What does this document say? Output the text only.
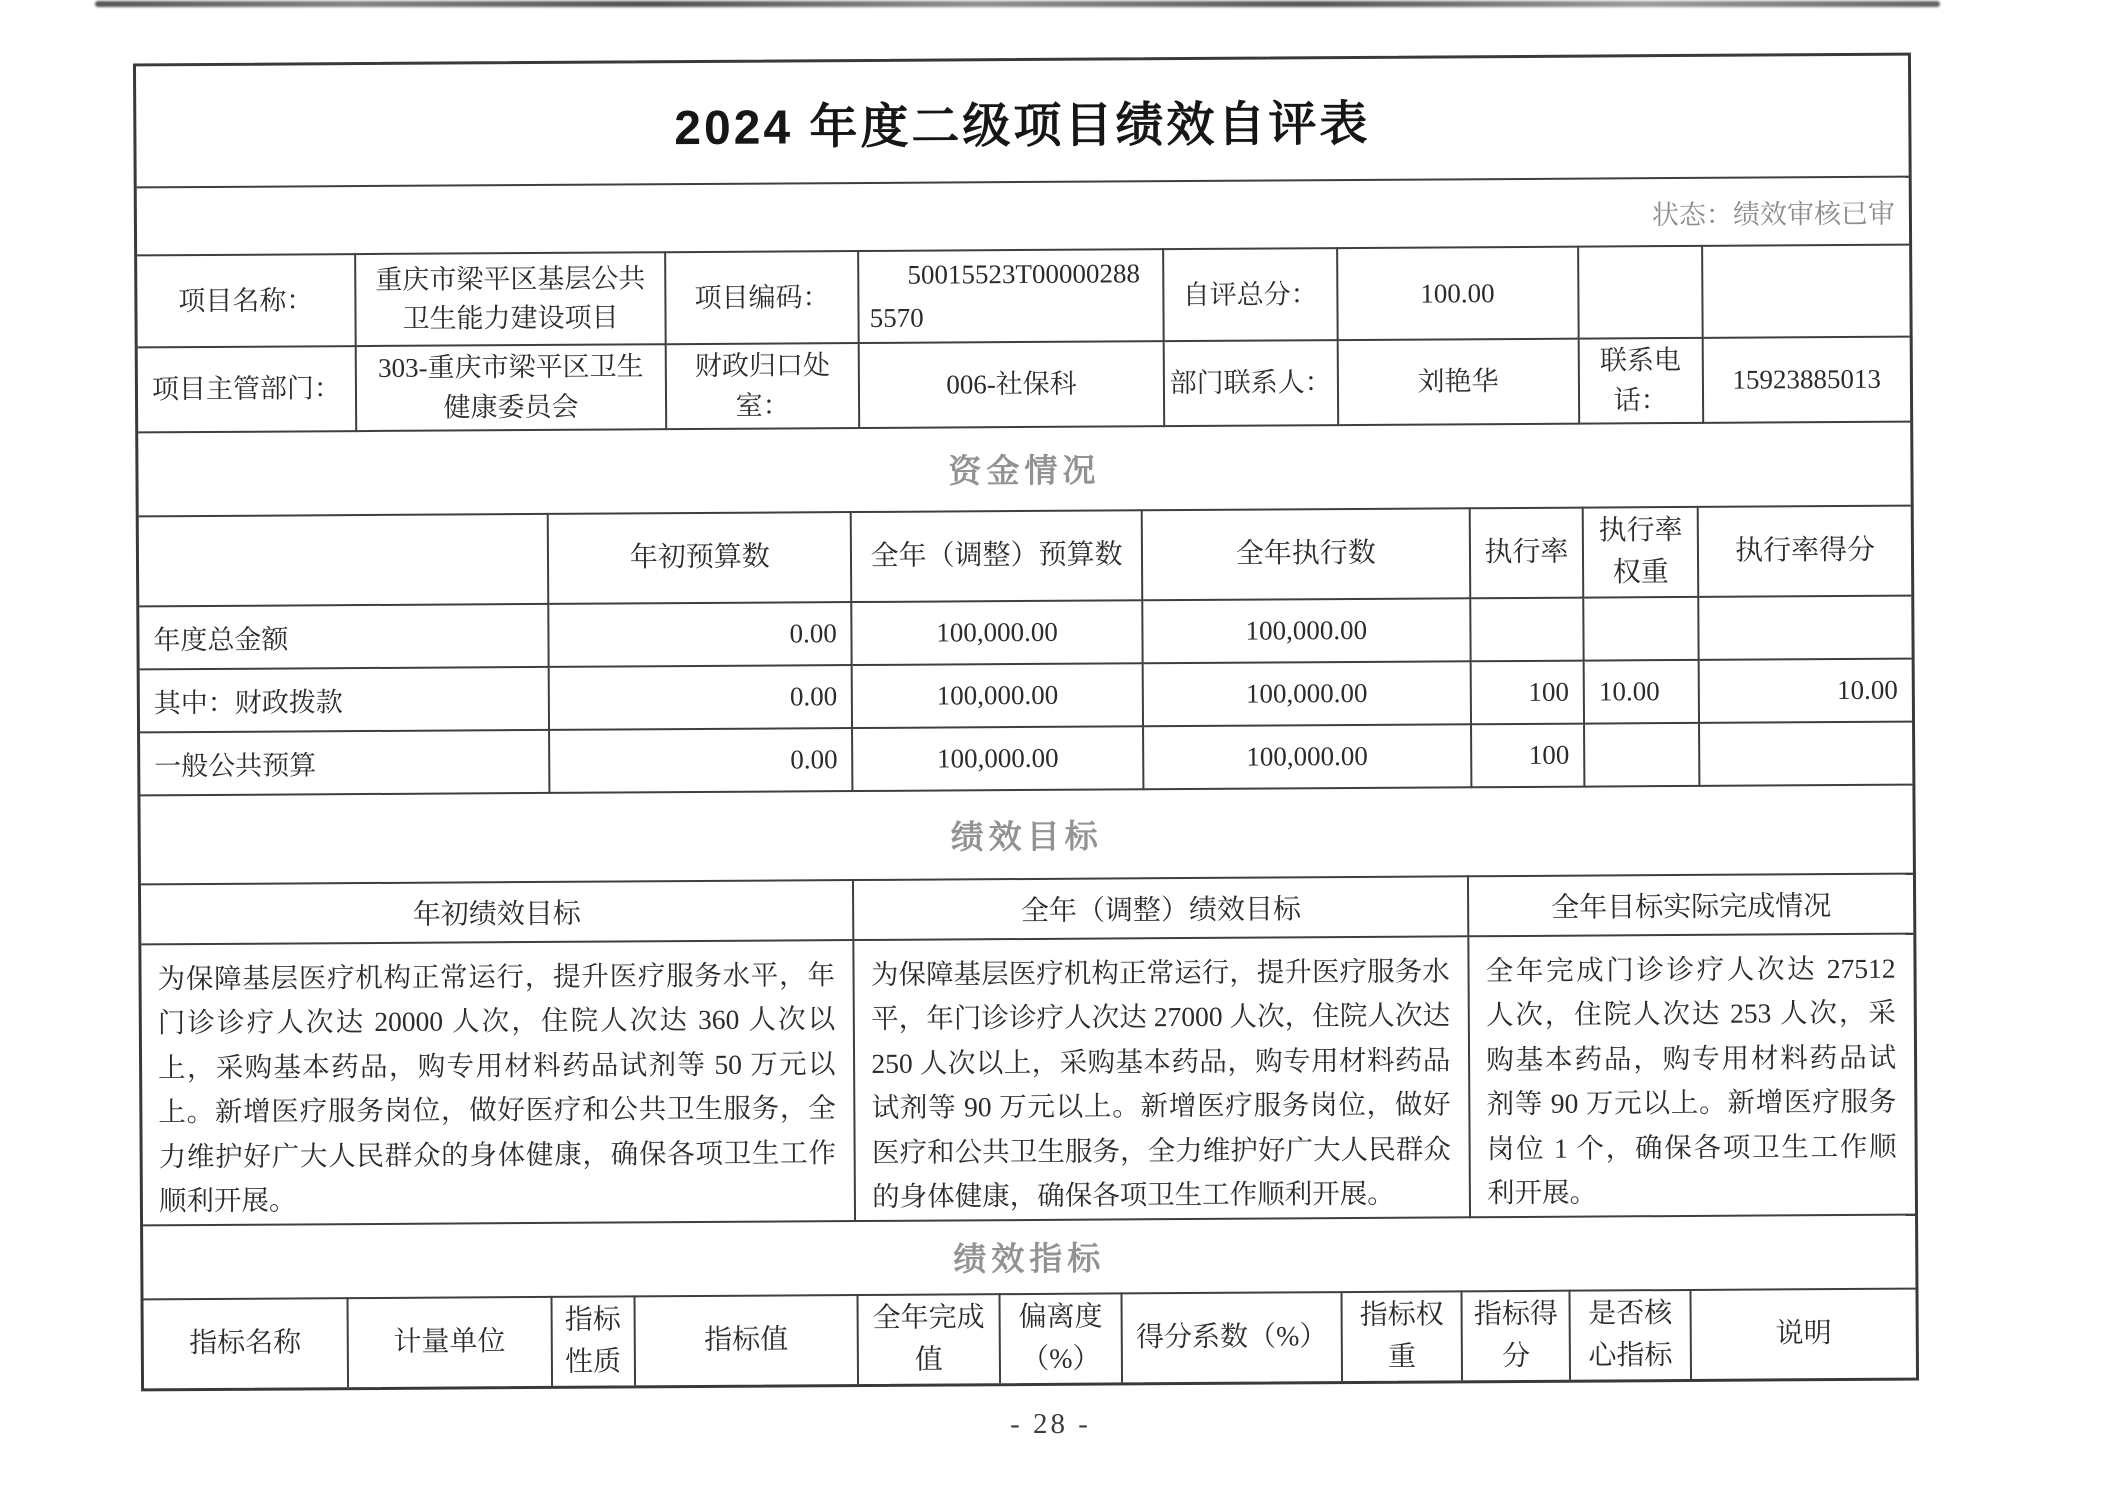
2024 年度二级项目绩效自评表
状态：绩效审核已审
项目名称：	重庆市梁平区基层公共卫生能力建设项目	项目编码：	50015523T000002885570	自评总分：	100.00		
项目主管部门：	303-重庆市梁平区卫生健康委员会	财政归口处室：	006-社保科	部门联系人：	刘艳华	联系电话：	15923885013
资金情况
	年初预算数	全年（调整）预算数	全年执行数	执行率	执行率权重	执行率得分
年度总金额	0.00	100,000.00	100,000.00			
其中：财政拨款	0.00	100,000.00	100,000.00	100	10.00	10.00
一般公共预算	0.00	100,000.00	100,000.00	100		
绩效目标
年初绩效目标	全年（调整）绩效目标	全年目标实际完成情况
为保障基层医疗机构正常运行，提升医疗服务水平，年门诊诊疗人次达 20000 人次，住院人次达 360 人次以上，采购基本药品，购专用材料药品试剂等 50 万元以上。新增医疗服务岗位，做好医疗和公共卫生服务，全力维护好广大人民群众的身体健康，确保各项卫生工作顺利开展。	为保障基层医疗机构正常运行，提升医疗服务水平，年门诊诊疗人次达 27000 人次，住院人次达 250 人次以上，采购基本药品，购专用材料药品试剂等 90 万元以上。新增医疗服务岗位，做好医疗和公共卫生服务，全力维护好广大人民群众的身体健康，确保各项卫生工作顺利开展。	全年完成门诊诊疗人次达 27512 人次，住院人次达 253 人次，采购基本药品，购专用材料药品试剂等 90 万元以上。新增医疗服务岗位 1 个，确保各项卫生工作顺利开展。
绩效指标
指标名称	计量单位	指标性质	指标值	全年完成值	偏离度（%）	得分系数（%）	指标权重	指标得分	是否核心指标	说明
- 28 -
